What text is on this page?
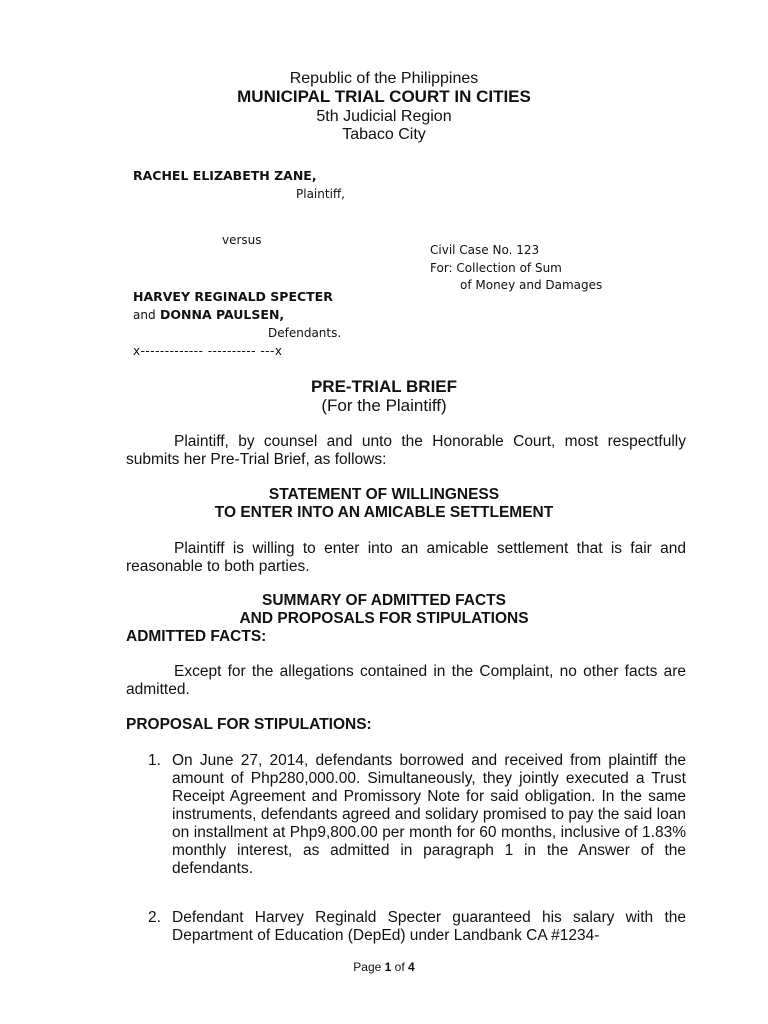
Republic of the Philippines
MUNICIPAL TRIAL COURT IN CITIES
5th Judicial Region
Tabaco City
RACHEL ELIZABETH ZANE,
Plaintiff,
versus
Civil Case No. 123
For: Collection of Sum
of Money and Damages
HARVEY REGINALD SPECTER
and DONNA PAULSEN,
Defendants.
x------------- ---------- ---x
PRE-TRIAL BRIEF
(For the Plaintiff)
Plaintiff, by counsel and unto the Honorable Court, most respectfully submits her Pre-Trial Brief, as follows:
STATEMENT OF WILLINGNESS
TO ENTER INTO AN AMICABLE SETTLEMENT
Plaintiff is willing to enter into an amicable settlement that is fair and reasonable to both parties.
SUMMARY OF ADMITTED FACTS
AND PROPOSALS FOR STIPULATIONS
ADMITTED FACTS:
Except for the allegations contained in the Complaint, no other facts are admitted.
PROPOSAL FOR STIPULATIONS:
1. On June 27, 2014, defendants borrowed and received from plaintiff the amount of Php280,000.00. Simultaneously, they jointly executed a Trust Receipt Agreement and Promissory Note for said obligation. In the same instruments, defendants agreed and solidary promised to pay the said loan on installment at Php9,800.00 per month for 60 months, inclusive of 1.83% monthly interest, as admitted in paragraph 1 in the Answer of the defendants.
2. Defendant Harvey Reginald Specter guaranteed his salary with the Department of Education (DepEd) under Landbank CA #1234-
Page 1 of 4
